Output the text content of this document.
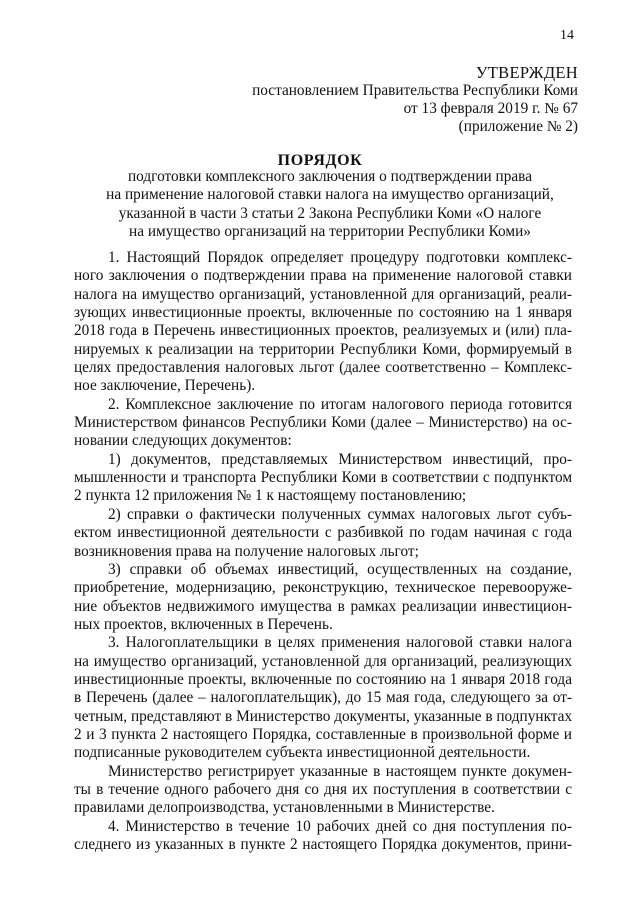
14
УТВЕРЖДЕН
постановлением Правительства Республики Коми
от 13 февраля 2019 г. № 67
(приложение № 2)
ПОРЯДОК
подготовки комплексного заключения о подтверждении права
на применение налоговой ставки налога на имущество организаций,
указанной в части 3 статьи 2 Закона Республики Коми «О налоге
на имущество организаций на территории Республики Коми»
1. Настоящий Порядок определяет процедуру подготовки комплекс-
ного заключения о подтверждении права на применение налоговой ставки
налога на имущество организаций, установленной для организаций, реали-
зующих инвестиционные проекты, включенные по состоянию на 1 января
2018 года в Перечень инвестиционных проектов, реализуемых и (или) пла-
нируемых к реализации на территории Республики Коми, формируемый в
целях предоставления налоговых льгот (далее соответственно – Комплекс-
ное заключение, Перечень).
2. Комплексное заключение по итогам налогового периода готовится
Министерством финансов Республики Коми (далее – Министерство) на ос-
новании следующих документов:
1) документов, представляемых Министерством инвестиций, про-
мышленности и транспорта Республики Коми в соответствии с подпунктом
2 пункта 12 приложения № 1 к настоящему постановлению;
2) справки о фактически полученных суммах налоговых льгот субъ-
ектом инвестиционной деятельности с разбивкой по годам начиная с года
возникновения права на получение налоговых льгот;
3) справки об объемах инвестиций, осуществленных на создание,
приобретение, модернизацию, реконструкцию, техническое перевооруже-
ние объектов недвижимого имущества в рамках реализации инвестицион-
ных проектов, включенных в Перечень.
3. Налогоплательщики в целях применения налоговой ставки налога
на имущество организаций, установленной для организаций, реализующих
инвестиционные проекты, включенные по состоянию на 1 января 2018 года
в Перечень (далее – налогоплательщик), до 15 мая года, следующего за от-
четным, представляют в Министерство документы, указанные в подпунктах
2 и 3 пункта 2 настоящего Порядка, составленные в произвольной форме и
подписанные руководителем субъекта инвестиционной деятельности.
Министерство регистрирует указанные в настоящем пункте докумен-
ты в течение одного рабочего дня со дня их поступления в соответствии с
правилами делопроизводства, установленными в Министерстве.
4. Министерство в течение 10 рабочих дней со дня поступления по-
следнего из указанных в пункте 2 настоящего Порядка документов, прини-
